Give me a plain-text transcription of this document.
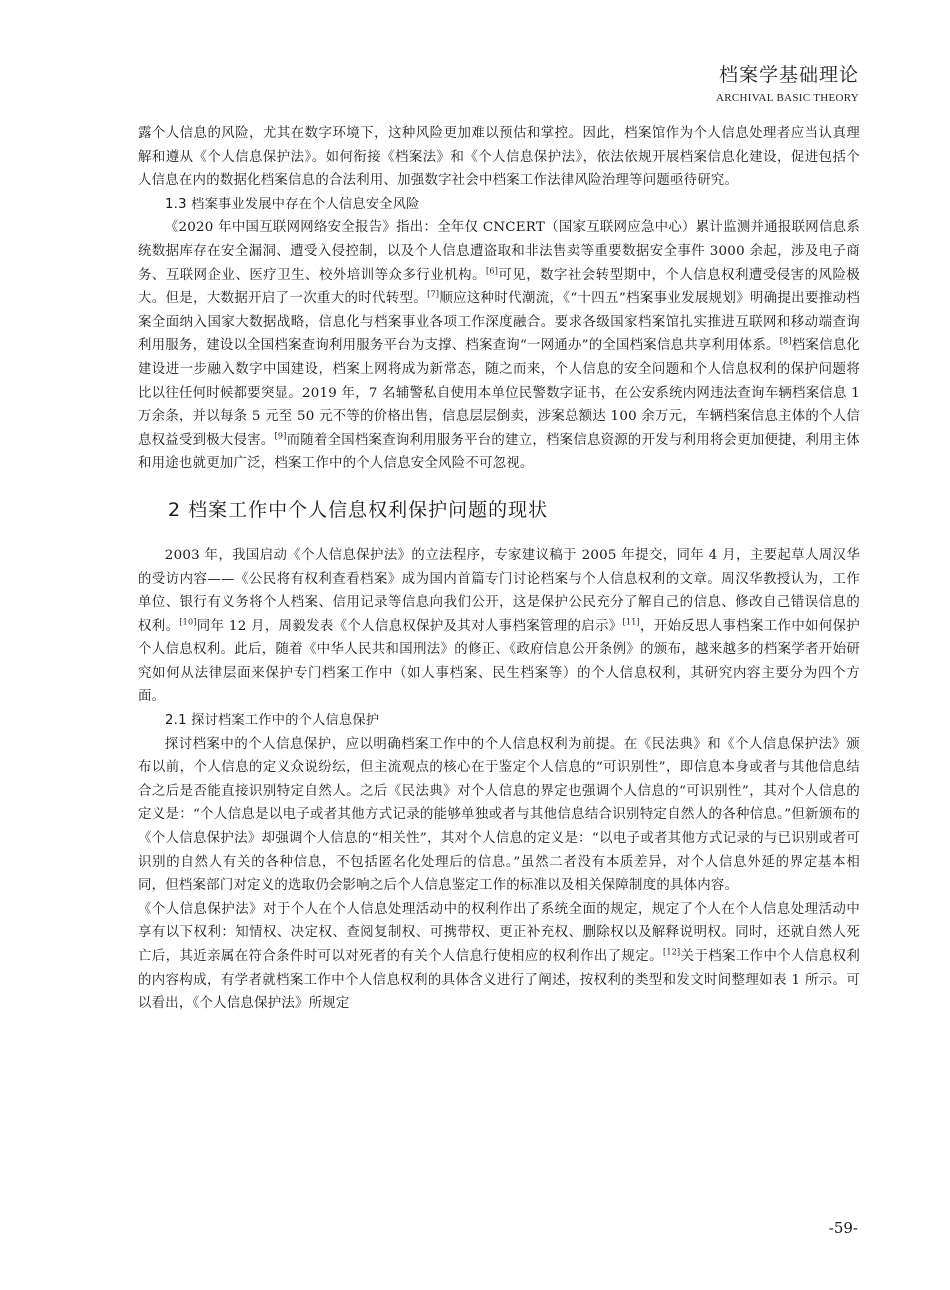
档案学基础理论
ARCHIVAL BASIC THEORY

露个人信息的风险，尤其在数字环境下，这种风险更加难以预估和掌控。因此，档案馆作为个人信息处理者应当认真理解和遵从《个人信息保护法》。如何衔接《档案法》和《个人信息保护法》，依法依规开展档案信息化建设，促进包括个人信息在内的数据化档案信息的合法利用、加强数字社会中档案工作法律风险治理等问题亟待研究。

1.3 档案事业发展中存在个人信息安全风险

《2020 年中国互联网网络安全报告》指出：全年仅 CNCERT（国家互联网应急中心）累计监测并通报联网信息系统数据库存在安全漏洞、遭受入侵控制，以及个人信息遭盗取和非法售卖等重要数据安全事件 3000 余起，涉及电子商务、互联网企业、医疗卫生、校外培训等众多行业机构。[6]可见，数字社会转型期中，个人信息权利遭受侵害的风险极大。但是，大数据开启了一次重大的时代转型。[7]顺应这种时代潮流，《“十四五”档案事业发展规划》明确提出要推动档案全面纳入国家大数据战略，信息化与档案事业各项工作深度融合。要求各级国家档案馆扎实推进互联网和移动端查询利用服务，建设以全国档案查询利用服务平台为支撑、档案查询“一网通办”的全国档案信息共享利用体系。[8]档案信息化建设进一步融入数字中国建设，档案上网将成为新常态，随之而来，个人信息的安全问题和个人信息权利的保护问题将比以往任何时候都要突显。2019 年，7 名辅警私自使用本单位民警数字证书，在公安系统内网违法查询车辆档案信息 1 万余条，并以每条 5 元至 50 元不等的价格出售，信息层层倒卖，涉案总额达 100 余万元，车辆档案信息主体的个人信息权益受到极大侵害。[9]而随着全国档案查询利用服务平台的建立，档案信息资源的开发与利用将会更加便捷，利用主体和用途也就更加广泛，档案工作中的个人信息安全风险不可忽视。

2 档案工作中个人信息权利保护问题的现状

2003 年，我国启动《个人信息保护法》的立法程序，专家建议稿于 2005 年提交，同年 4 月，主要起草人周汉华的受访内容——《公民将有权利查看档案》成为国内首篇专门讨论档案与个人信息权利的文章。周汉华教授认为，工作单位、银行有义务将个人档案、信用记录等信息向我们公开，这是保护公民充分了解自己的信息、修改自己错误信息的权利。[10]同年 12 月，周毅发表《个人信息权保护及其对人事档案管理的启示》[11]，开始反思人事档案工作中如何保护个人信息权利。此后，随着《中华人民共和国刑法》的修正、《政府信息公开条例》的颁布，越来越多的档案学者开始研究如何从法律层面来保护专门档案工作中（如人事档案、民生档案等）的个人信息权利，其研究内容主要分为四个方面。

2.1 探讨档案工作中的个人信息保护

探讨档案中的个人信息保护，应以明确档案工作中的个人信息权利为前提。在《民法典》和《个人信息保护法》颁布以前，个人信息的定义众说纷纭，但主流观点的核心在于鉴定个人信息的“可识别性”，即信息本身或者与其他信息结合之后是否能直接识别特定自然人。之后《民法典》对个人信息的界定也强调个人信息的“可识别性”，其对个人信息的定义是：“个人信息是以电子或者其他方式记录的能够单独或者与其他信息结合识别特定自然人的各种信息。”但新颁布的《个人信息保护法》却强调个人信息的“相关性”，其对个人信息的定义是：“以电子或者其他方式记录的与已识别或者可识别的自然人有关的各种信息，不包括匿名化处理后的信息。”虽然二者没有本质差异，对个人信息外延的界定基本相同，但档案部门对定义的选取仍会影响之后个人信息鉴定工作的标准以及相关保障制度的具体内容。

《个人信息保护法》对于个人在个人信息处理活动中的权利作出了系统全面的规定，规定了个人在个人信息处理活动中享有以下权利：知情权、决定权、查阅复制权、可携带权、更正补充权、删除权以及解释说明权。同时，还就自然人死亡后，其近亲属在符合条件时可以对死者的有关个人信息行使相应的权利作出了规定。[12]关于档案工作中个人信息权利的内容构成，有学者就档案工作中个人信息权利的具体含义进行了阐述，按权利的类型和发文时间整理如表 1 所示。可以看出，《个人信息保护法》所规定

-59-
